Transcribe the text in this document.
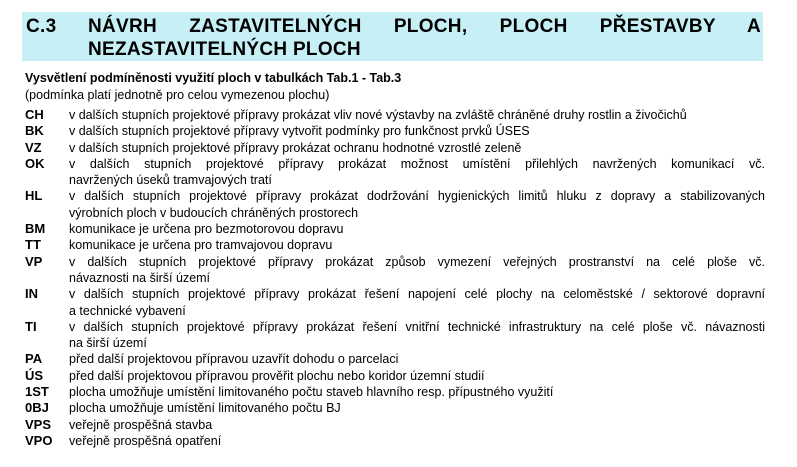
C.3 NÁVRH ZASTAVITELNÝCH PLOCH, PLOCH PŘESTAVBY A
NEZASTAVITELNÝCH PLOCH
Vysvětlení podmíněnosti využití ploch v tabulkách Tab.1 - Tab.3
(podmínka platí jednotně pro celou vymezenou plochu)
CH v dalších stupních projektové přípravy prokázat vliv nové výstavby na zvláště chráněné druhy rostlin a živočichů
BK v dalších stupních projektové přípravy vytvořit podmínky pro funkčnost prvků ÚSES
VZ v dalších stupních projektové přípravy prokázat ochranu hodnotné vzrostlé zeleně
OK v dalších stupních projektové přípravy prokázat možnost umístění přilehlých navržených komunikací vč.
navržených úseků tramvajových tratí
HL v dalších stupních projektové přípravy prokázat dodržování hygienických limitů hluku z dopravy a stabilizovaných
výrobních ploch v budoucích chráněných prostorech
BM komunikace je určena pro bezmotorovou dopravu
TT komunikace je určena pro tramvajovou dopravu
VP v dalších stupních projektové přípravy prokázat způsob vymezení veřejných prostranství na celé ploše vč.
návaznosti na širší území
IN v dalších stupních projektové přípravy prokázat řešení napojení celé plochy na celoměstské / sektorové dopravní
a technické vybavení
TI	v dalších stupních projektové přípravy prokázat řešení vnitřní technické infrastruktury na celé ploše vč. návaznosti
na širší území
PA před další projektovou přípravou uzavřít dohodu o parcelaci
ÚS před další projektovou přípravou prověřit plochu nebo koridor územní studií
1ST plocha umožňuje umístění limitovaného počtu staveb hlavního resp. přípustného využití
0BJ plocha umožňuje umístění limitovaného počtu BJ
VPS veřejně prospěšná stavba
VPO veřejně prospěšná opatření
